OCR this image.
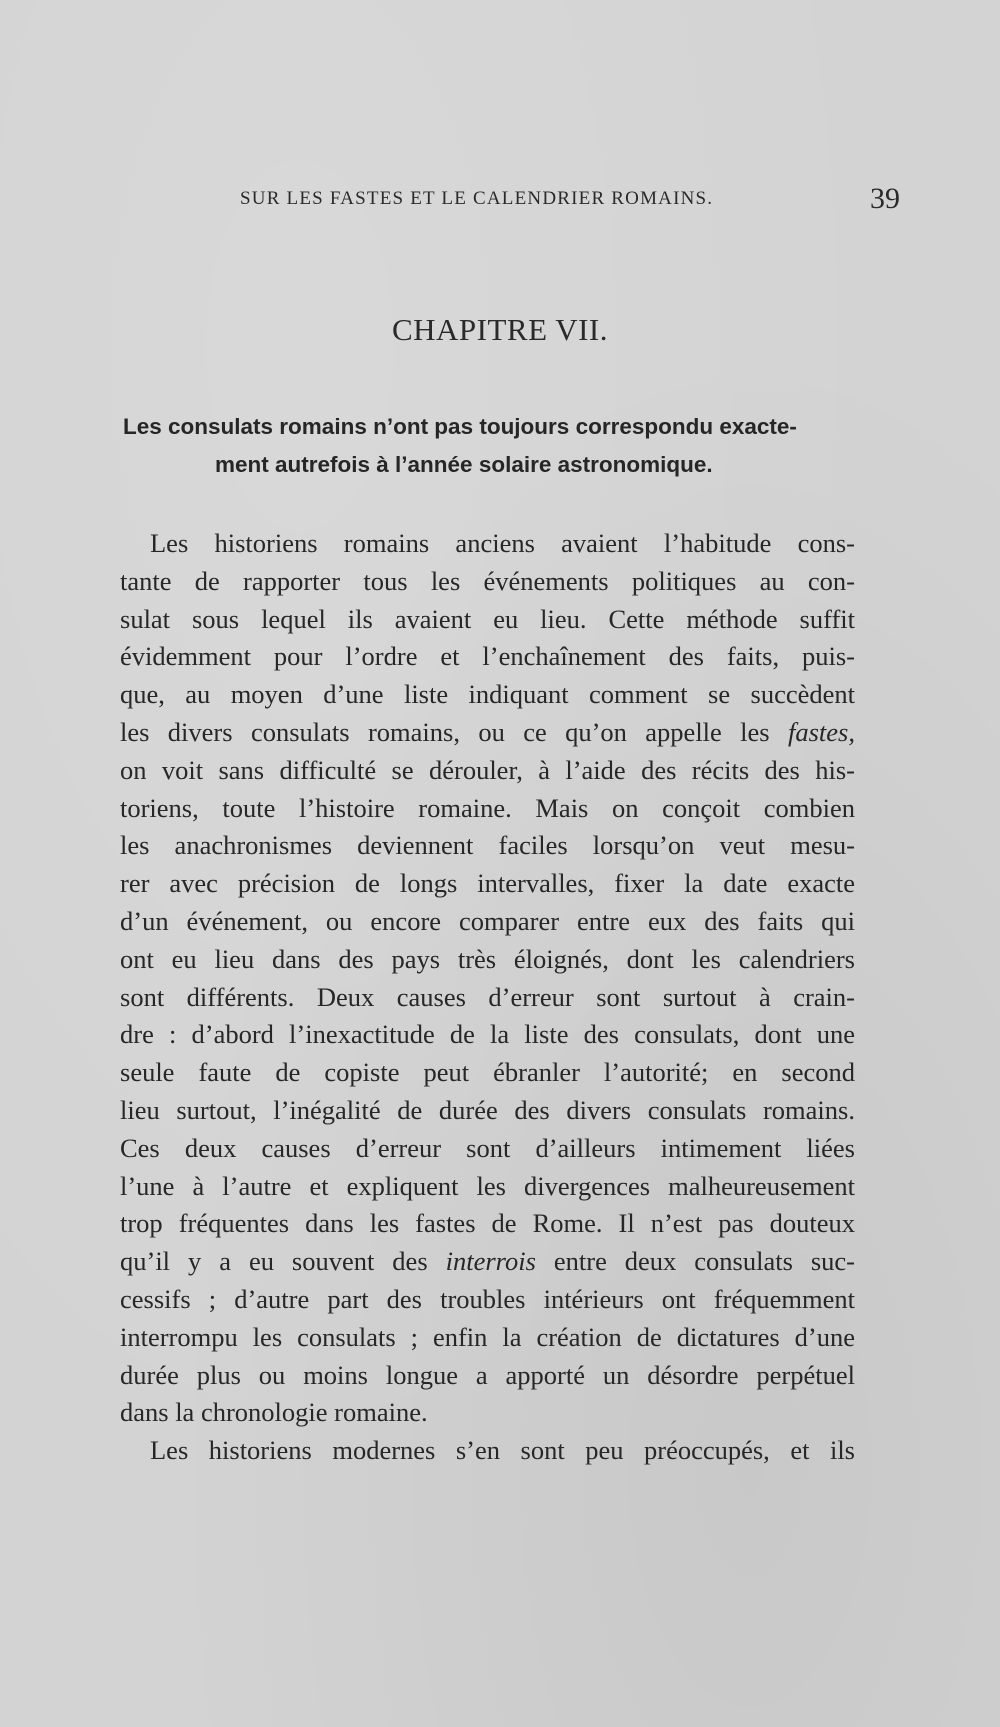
SUR LES FASTES ET LE CALENDRIER ROMAINS.	39
CHAPITRE VII.
Les consulats romains n’ont pas toujours correspondu exacte-
ment autrefois à l’année solaire astronomique.
Les historiens romains anciens avaient l’habitude cons-
tante de rapporter tous les événements politiques au con-
sulat sous lequel ils avaient eu lieu. Cette méthode suffit
évidemment pour l’ordre et l’enchaînement des faits, puis-
que, au moyen d’une liste indiquant comment se succèdent
les divers consulats romains, ou ce qu’on appelle les fastes,
on voit sans difficulté se dérouler, à l’aide des récits des his-
toriens, toute l’histoire romaine. Mais on conçoit combien
les anachronismes deviennent faciles lorsqu’on veut mesu-
rer avec précision de longs intervalles, fixer la date exacte
d’un événement, ou encore comparer entre eux des faits qui
ont eu lieu dans des pays très éloignés, dont les calendriers
sont différents. Deux causes d’erreur sont surtout à crain-
dre : d’abord l’inexactitude de la liste des consulats, dont une
seule faute de copiste peut ébranler l’autorité; en second
lieu surtout, l’inégalité de durée des divers consulats romains.
Ces deux causes d’erreur sont d’ailleurs intimement liées
l’une à l’autre et expliquent les divergences malheureusement
trop fréquentes dans les fastes de Rome. Il n’est pas douteux
qu’il y a eu souvent des interrois entre deux consulats suc-
cessifs ; d’autre part des troubles intérieurs ont fréquemment
interrompu les consulats ; enfin la création de dictatures d’une
durée plus ou moins longue a apporté un désordre perpétuel
dans la chronologie romaine.
Les historiens modernes s’en sont peu préoccupés, et ils
